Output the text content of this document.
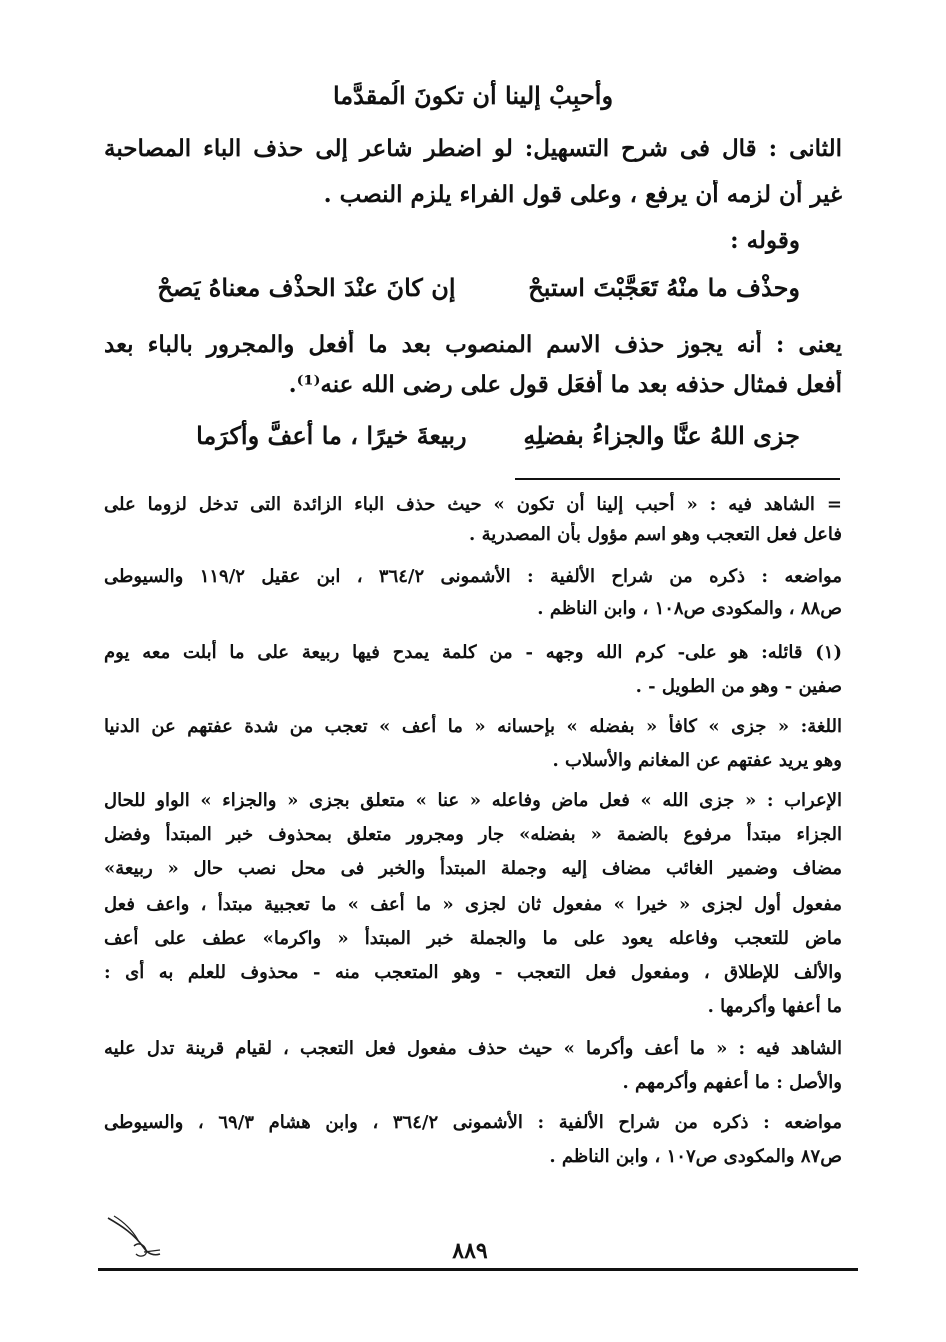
وأَحبِبْ إلينا أن تكونَ الُمقدَّما
الثانى : قال فى شرح التسهيل: لو اضطر شاعر إلى حذف الباء المصاحبة
غير أن لزمه أن يرفع ، وعلى قول الفراء يلزم النصب .
وقوله :
وحذْف ما منْهُ تَعَجَّبْتَ استبحْ  إن كانَ عنْدَ الحذْف معناهُ يَصحْ
يعنى : أنه يجوز حذف الاسم المنصوب بعد ما أفعل والمجرور بالباء بعد
أفعل فمثال حذفه بعد ما أفعَل قول على رضى الله عنه⁽¹⁾.
جزى اللهُ عنَّا والجزاءُ بفضلِهِ  ربيعةَ خيرًا ، ما أعفَّ وأكرَما
= الشاهد فيه : « أحبب إلينا أن تكون » حيث حذف الباء الزائدة التى تدخل لزوما على
فاعل فعل التعجب وهو اسم مؤول بأن المصدرية .
مواضعه : ذكره من شراح الألفية : الأشمونى ٣٦٤/٢ ، ابن عقيل ١١٩/٢ والسيوطى
ص٨٨ ، والمكودى ص١٠٨ ، وابن الناظم .
(١) قائله: هو على- كرم الله وجهه - من كلمة يمدح فيها ربيعة على ما أبلت معه يوم
صفين - وهو من الطويل - .
اللغة: « جزى » كافأ « بفضله » بإحسانه « ما أعف » تعجب من شدة عفتهم عن الدنيا
وهو يريد عفتهم عن المغانم والأسلاب .
الإعراب : « جزى الله » فعل ماض وفاعله « عنا » متعلق بجزى « والجزاء » الواو للحال
الجزاء مبتدأ مرفوع بالضمة « بفضله» جار ومجرور متعلق بمحذوف خبر المبتدأ وفضل
مضاف وضمير الغائب مضاف إليه وجملة المبتدأ والخبر فى محل نصب حال « ربيعة»
مفعول أول لجزى « خيرا » مفعول ثان لجزى « ما أعف » ما تعجبية مبتدأ ، واعف فعل
ماض للتعجب وفاعله يعود على ما والجملة خبر المبتدأ « واكرما» عطف على أعف
والألف للإطلاق ، ومفعول فعل التعجب - وهو المتعجب منه - محذوف للعلم به أى :
ما أعفها وأكرمها .
الشاهد فيه : « ما أعف وأكرما » حيث حذف مفعول فعل التعجب ، لقيام قرينة تدل عليه
والأصل : ما أعفهم وأكرمهم .
مواضعه : ذكره من شراح الألفية : الأشمونى ٣٦٤/٢ ، وابن هشام ٦٩/٣ ، والسيوطى
ص٨٧ والمكودى ص١٠٧ ، وابن الناظم .
٨٨٩
